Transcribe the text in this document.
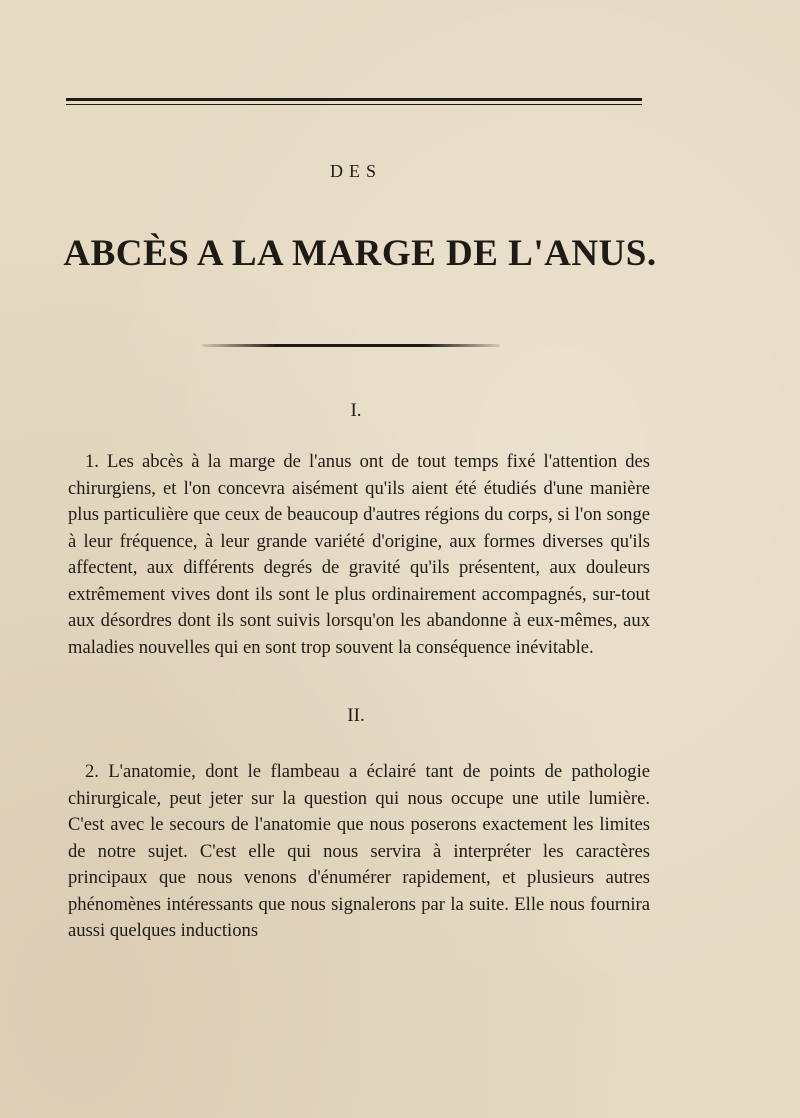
DES
ABCÈS A LA MARGE DE L'ANUS.
I.

1. Les abcès à la marge de l'anus ont de tout temps fixé l'attention des chirurgiens, et l'on concevra aisément qu'ils aient été étudiés d'une manière plus particulière que ceux de beaucoup d'autres régions du corps, si l'on songe à leur fréquence, à leur grande variété d'origine, aux formes diverses qu'ils affectent, aux différents degrés de gravité qu'ils présentent, aux douleurs extrêmement vives dont ils sont le plus ordinairement accompagnés, sur-tout aux désordres dont ils sont suivis lorsqu'on les abandonne à eux-mêmes, aux maladies nouvelles qui en sont trop souvent la conséquence inévitable.

II.

2. L'anatomie, dont le flambeau a éclairé tant de points de pathologie chirurgicale, peut jeter sur la question qui nous occupe une utile lumière. C'est avec le secours de l'anatomie que nous poserons exactement les limites de notre sujet. C'est elle qui nous servira à interpréter les caractères principaux que nous venons d'énumérer rapidement, et plusieurs autres phénomènes intéressants que nous signalerons par la suite. Elle nous fournira aussi quelques inductions
